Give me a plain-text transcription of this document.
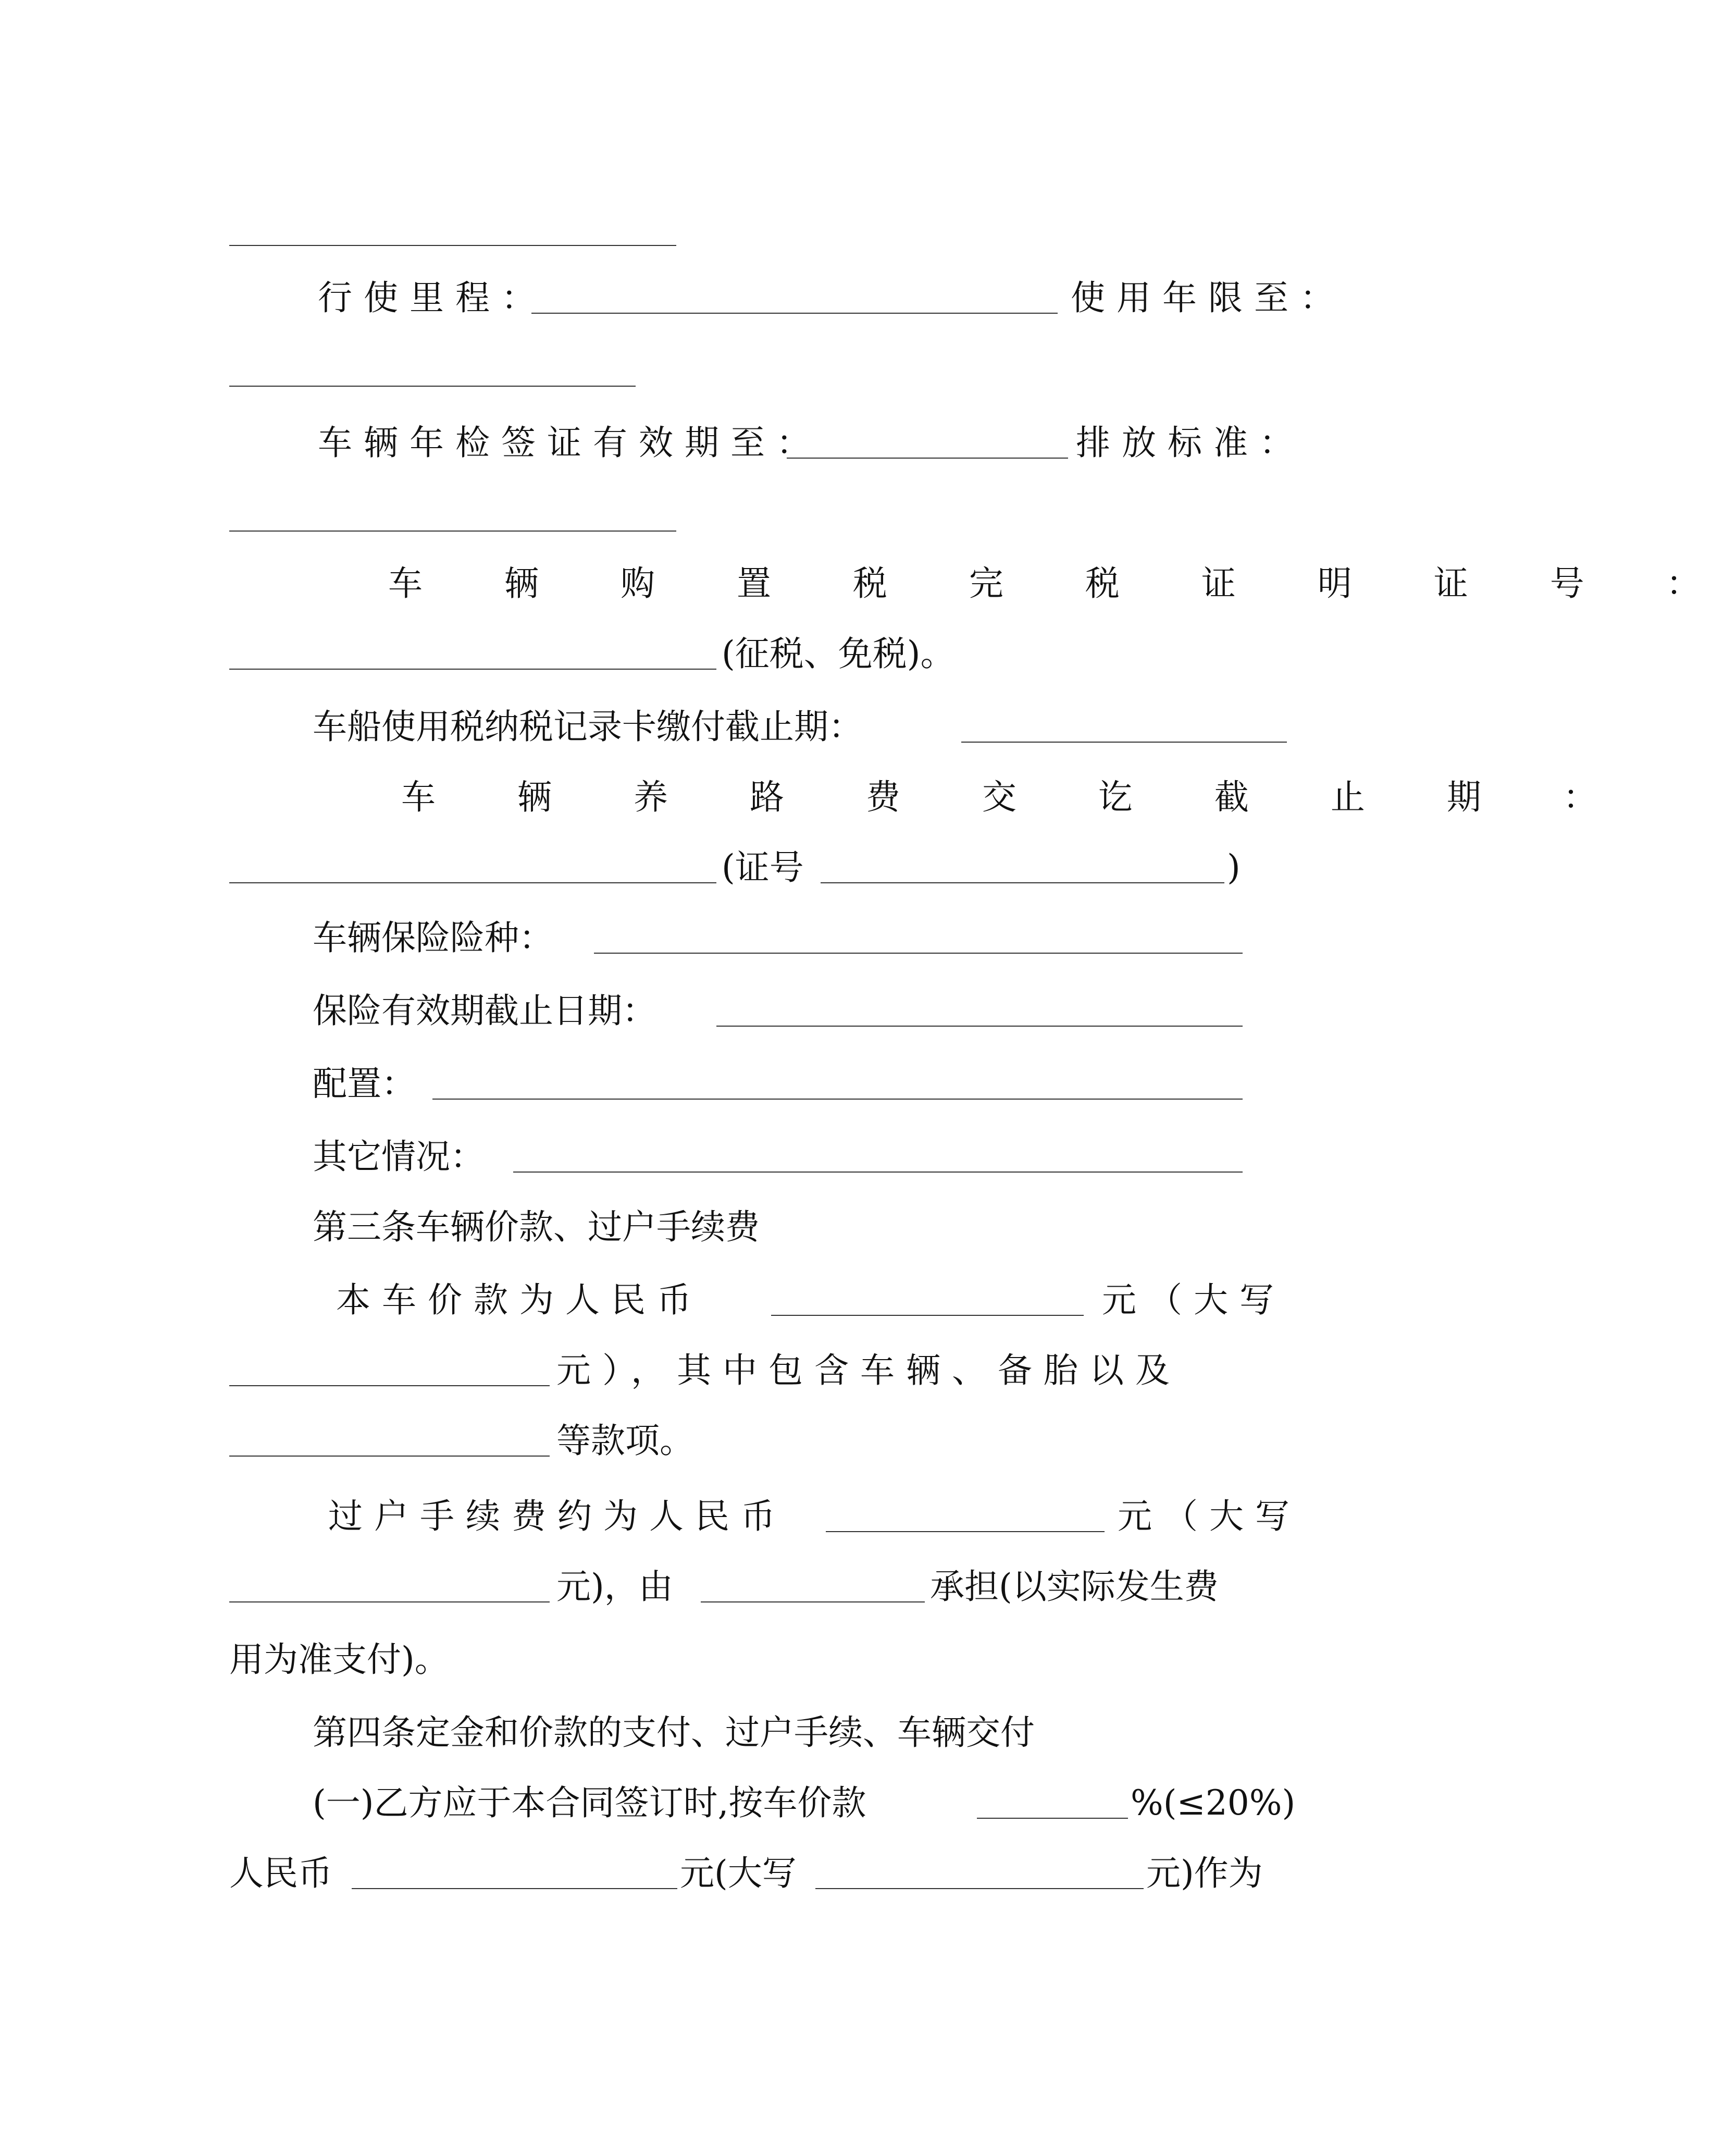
行使里程：	使用年限至：
车辆年检签证有效期至：	排放标准：
车 辆 购 置 税 完 税 证 明 证 号 ：
(征税、免税)。
车船使用税纳税记录卡缴付截止期：
车 辆 养 路 费 交 讫 截 止 期 ：
(证号	)
车辆保险险种：
保险有效期截止日期：
配置：
其它情况：
第三条车辆价款、过户手续费
本车价款为人民币	元（大写
元），其中包含车辆、备胎以及
等款项。
过户手续费约为人民币	元（大写
元)，由	承担(以实际发生费
用为准支付)。
第四条定金和价款的支付、过户手续、车辆交付
(一)乙方应于本合同签订时,按车价款	%(≤20%)
人民币	元(大写	元)作为
